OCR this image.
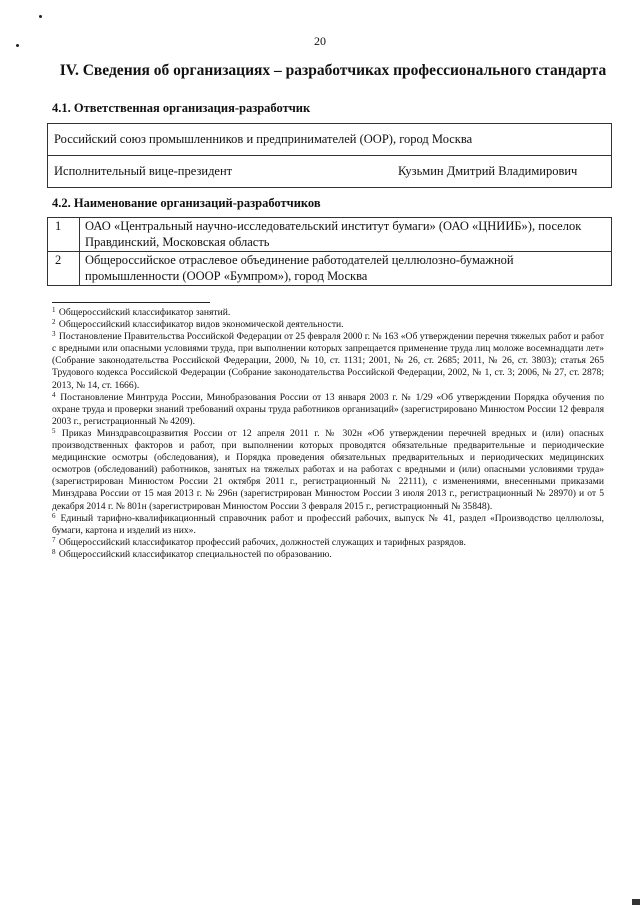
20
IV. Сведения об организациях – разработчиках профессионального стандарта
4.1. Ответственная организация-разработчик
Российский союз промышленников и предпринимателей (ООР), город Москва
Исполнительный вице-президент	Кузьмин Дмитрий Владимирович
4.2. Наименование организаций-разработчиков
1	ОАО «Центральный научно-исследовательский институт бумаги» (ОАО «ЦНИИБ»), поселок Правдинский, Московская область
2	Общероссийское отраслевое объединение работодателей целлюлозно-бумажной промышленности (ОООР «Бумпром»), город Москва

$^1$ Общероссийский классификатор занятий.

$^2$ Общероссийский классификатор видов экономической деятельности.

$^3$ Постановление Правительства Российской Федерации от 25 февраля 2000 г. № 163 «Об утверждении перечня тяжелых работ и работ с вредными или опасными условиями труда, при выполнении которых запрещается применение труда лиц моложе восемнадцати лет» (Собрание законодательства Российской Федерации, 2000, № 10, ст. 1131; 2001, № 26, ст. 2685; 2011, № 26, ст. 3803); статья 265 Трудового кодекса Российской Федерации (Собрание законодательства Российской Федерации, 2002, № 1, ст. 3; 2006, № 27, ст. 2878; 2013, № 14, ст. 1666).

$^4$ Постановление Минтруда России, Минобразования России от 13 января 2003 г. № 1/29 «Об утверждении Порядка обучения по охране труда и проверки знаний требований охраны труда работников организаций» (зарегистрировано Минюстом России 12 февраля 2003 г., регистрационный № 4209).

$^5$ Приказ Минздравсоцразвития России от 12 апреля 2011 г. № 302н «Об утверждении перечней вредных и (или) опасных производственных факторов и работ, при выполнении которых проводятся обязательные предварительные и периодические медицинские осмотры (обследования), и Порядка проведения обязательных предварительных и периодических медицинских осмотров (обследований) работников, занятых на тяжелых работах и на работах с вредными и (или) опасными условиями труда» (зарегистрирован Минюстом России 21 октября 2011 г., регистрационный № 22111), с изменениями, внесенными приказами Минздрава России от 15 мая 2013 г. № 296н (зарегистрирован Минюстом России 3 июля 2013 г., регистрационный № 28970) и от 5 декабря 2014 г. № 801н (зарегистрирован Минюстом России 3 февраля 2015 г., регистрационный № 35848).

$^6$ Единый тарифно-квалификационный справочник работ и профессий рабочих, выпуск № 41, раздел «Производство целлюлозы, бумаги, картона и изделий из них».

$^7$ Общероссийский классификатор профессий рабочих, должностей служащих и тарифных разрядов.

$^8$ Общероссийский классификатор специальностей по образованию.
